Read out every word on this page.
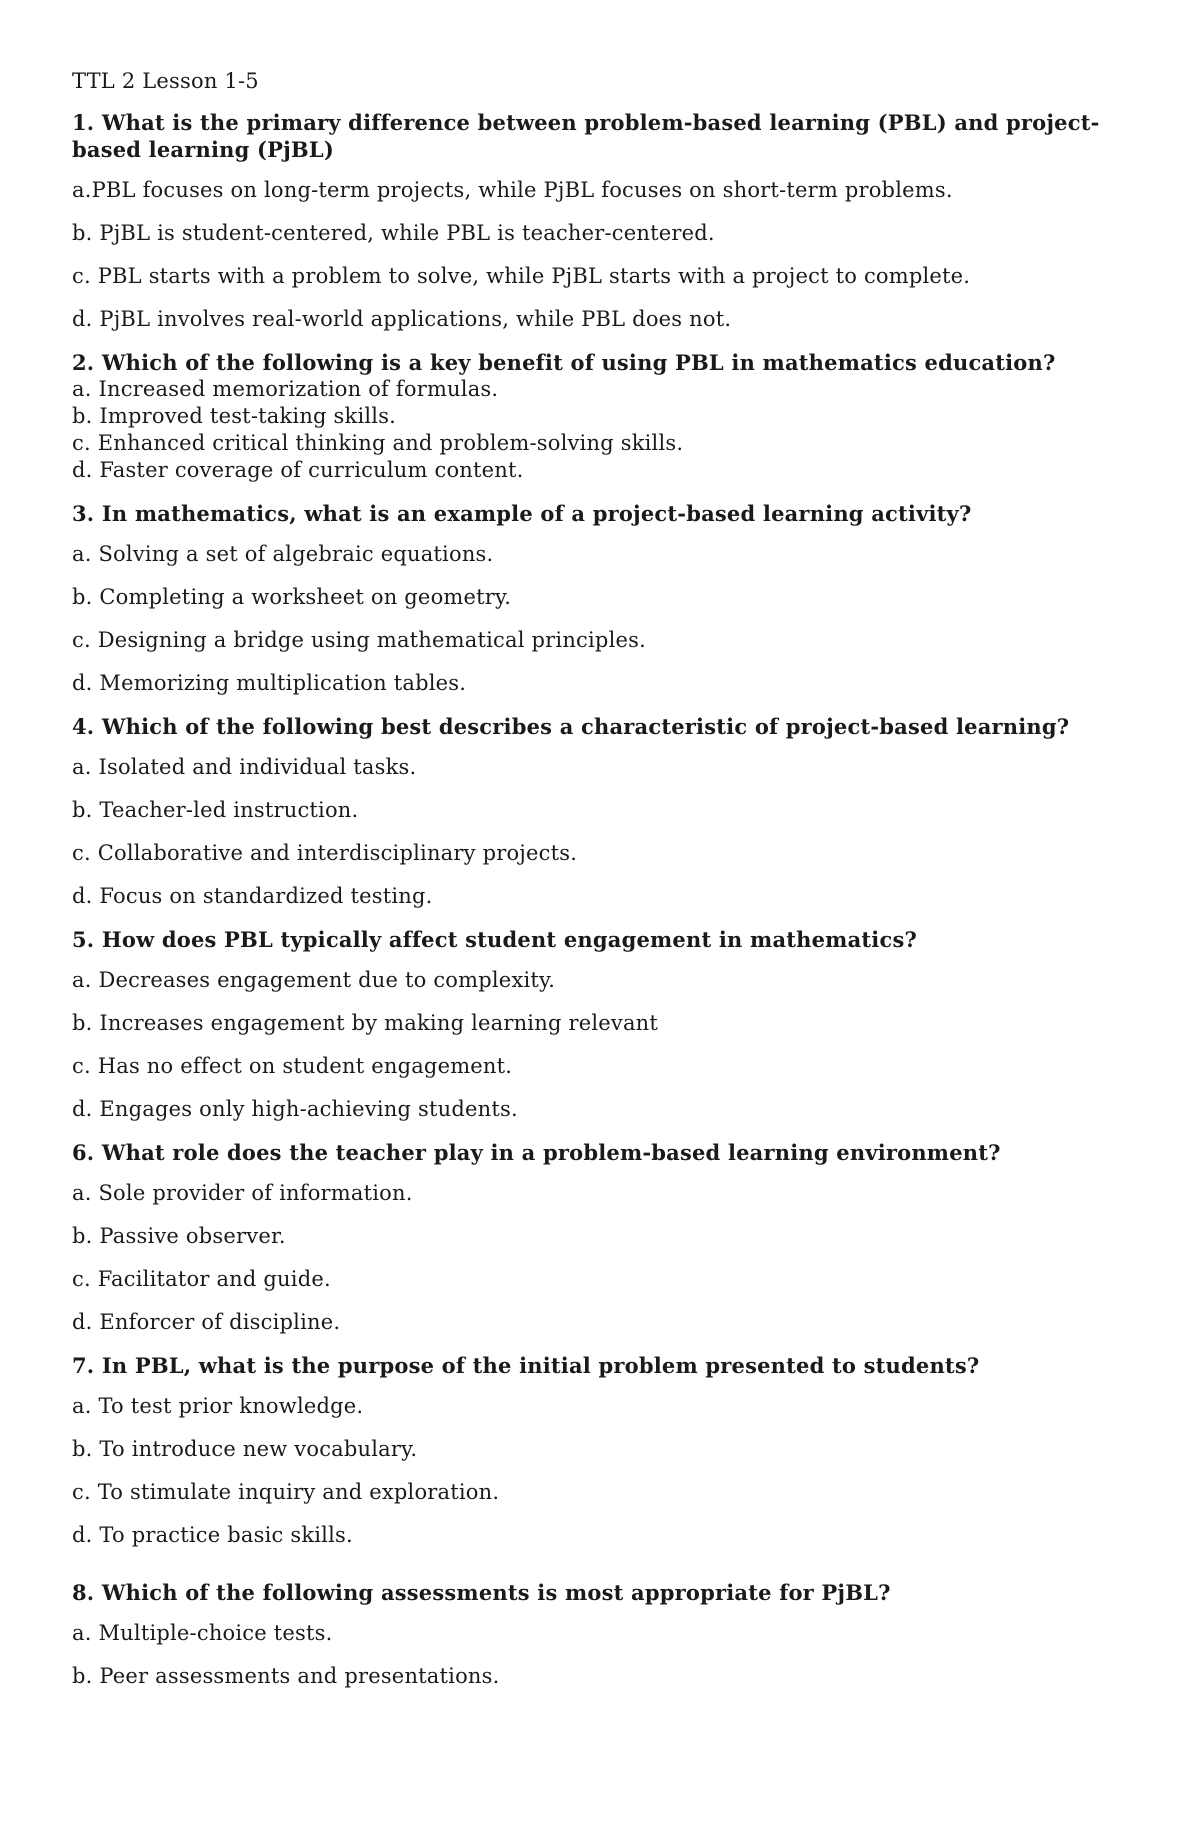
TTL 2 Lesson 1-5

1. What is the primary difference between problem-based learning (PBL) and project-based learning (PjBL)

a.PBL focuses on long-term projects, while PjBL focuses on short-term problems.

b. PjBL is student-centered, while PBL is teacher-centered.

c. PBL starts with a problem to solve, while PjBL starts with a project to complete.

d. PjBL involves real-world applications, while PBL does not.

2. Which of the following is a key benefit of using PBL in mathematics education?

a. Increased memorization of formulas.

b. Improved test-taking skills.

c. Enhanced critical thinking and problem-solving skills.

d. Faster coverage of curriculum content.

3. In mathematics, what is an example of a project-based learning activity?

a. Solving a set of algebraic equations.

b. Completing a worksheet on geometry.

c. Designing a bridge using mathematical principles.

d. Memorizing multiplication tables.

4. Which of the following best describes a characteristic of project-based learning?

a. Isolated and individual tasks.

b. Teacher-led instruction.

c. Collaborative and interdisciplinary projects.

d. Focus on standardized testing.

5. How does PBL typically affect student engagement in mathematics?

a. Decreases engagement due to complexity.

b. Increases engagement by making learning relevant

c. Has no effect on student engagement.

d. Engages only high-achieving students.

6. What role does the teacher play in a problem-based learning environment?

a. Sole provider of information.

b. Passive observer.

c. Facilitator and guide.

d. Enforcer of discipline.

7. In PBL, what is the purpose of the initial problem presented to students?

a. To test prior knowledge.

b. To introduce new vocabulary.

c. To stimulate inquiry and exploration.

d. To practice basic skills.

8. Which of the following assessments is most appropriate for PjBL?

a. Multiple-choice tests.

b. Peer assessments and presentations.
